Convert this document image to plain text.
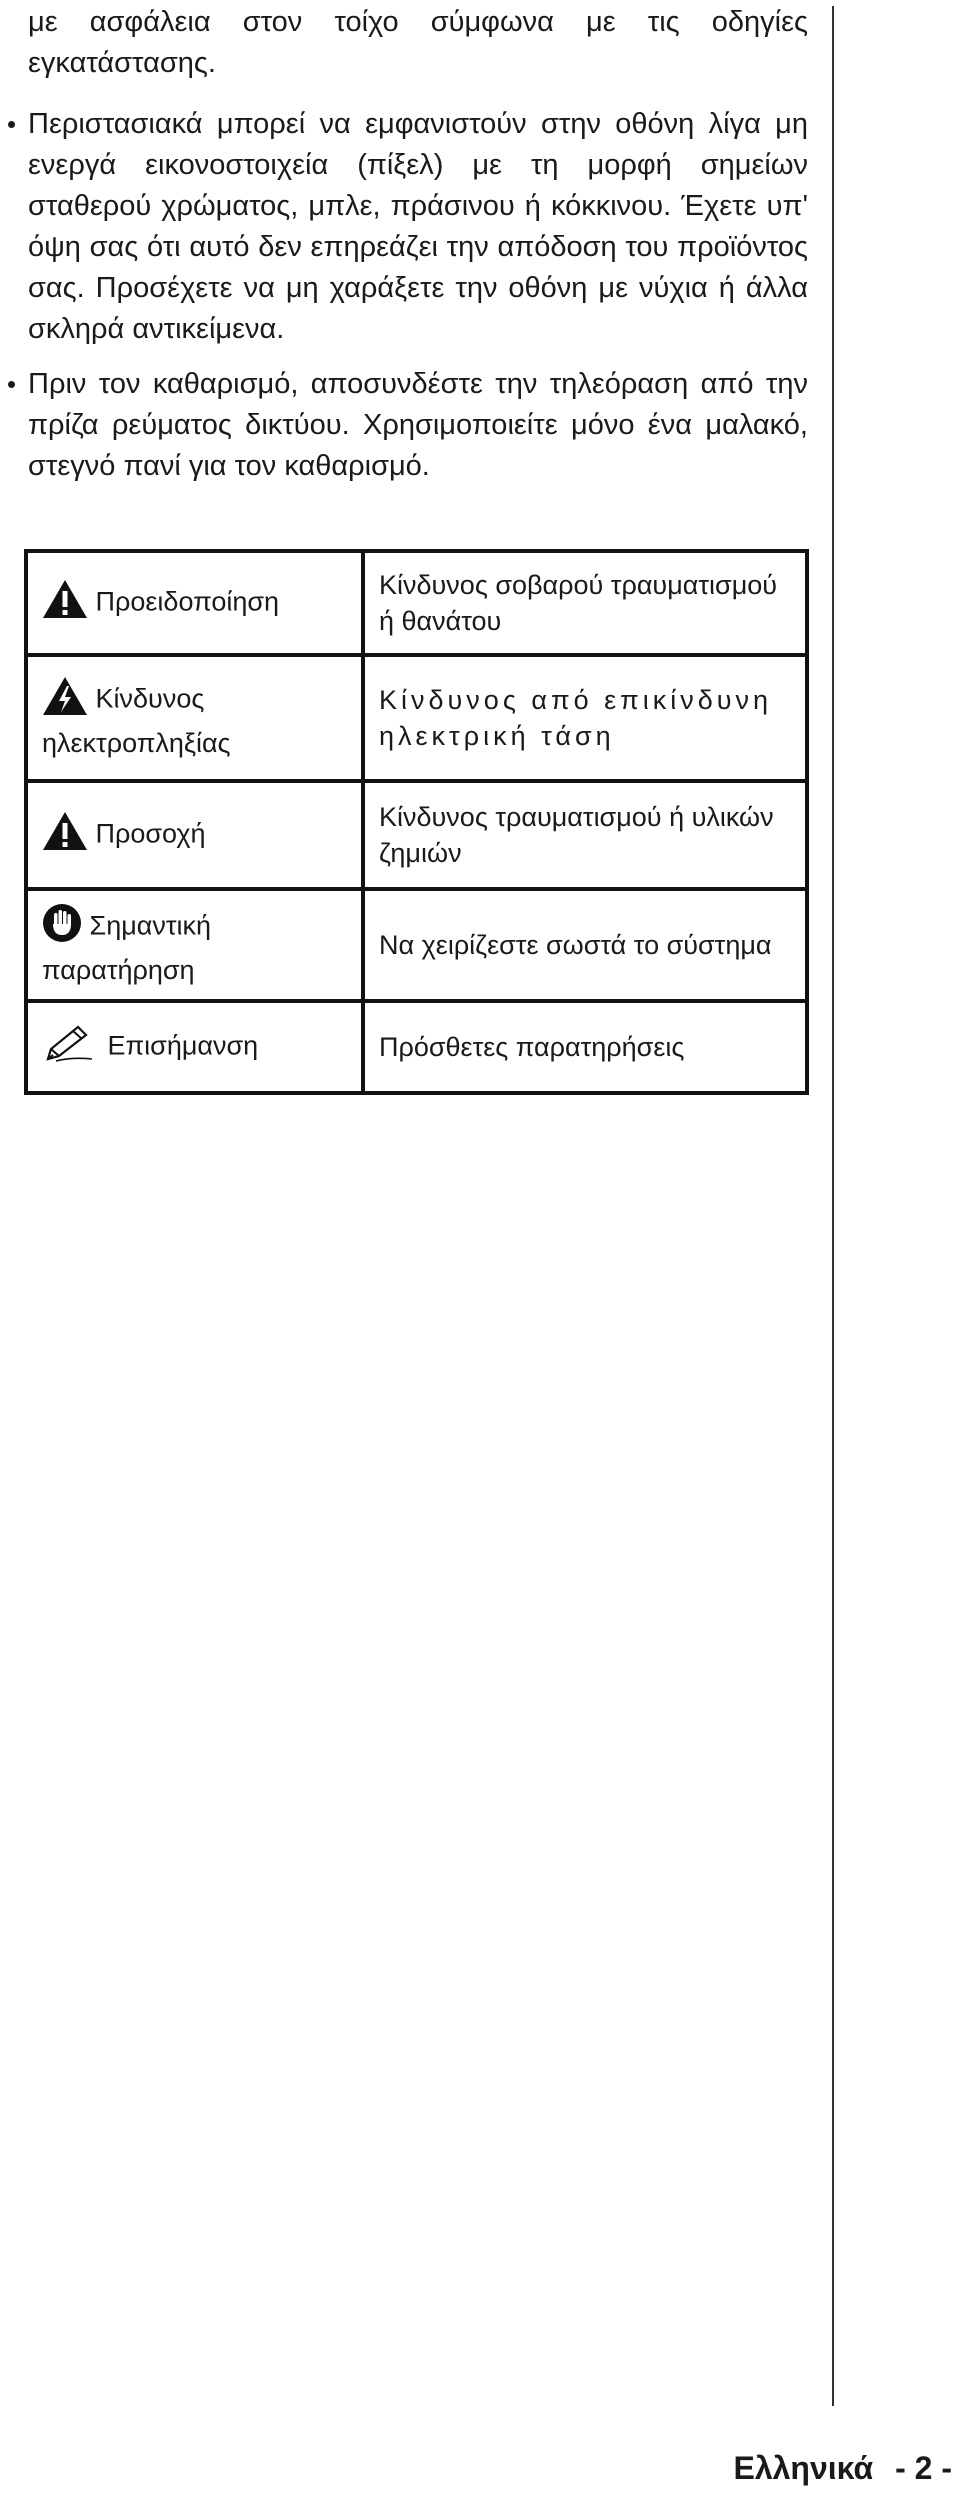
με ασφάλεια στον τοίχο σύμφωνα με τις οδηγίες εγκατάστασης.

Περιστασιακά μπορεί να εμφανιστούν στην οθόνη λίγα μη ενεργά εικονοστοιχεία (πίξελ) με τη μορφή σημείων σταθερού χρώματος, μπλε, πράσινου ή κόκκινου. Έχετε υπ' όψη σας ότι αυτό δεν επηρεάζει την απόδοση του προϊόντος σας. Προσέχετε να μη χαράξετε την οθόνη με νύχια ή άλλα σκληρά αντικείμενα.

Πριν τον καθαρισμό, αποσυνδέστε την τηλεόραση από την πρίζα ρεύματος δικτύου. Χρησιμοποιείτε μόνο ένα μαλακό, στεγνό πανί για τον καθαρισμό.

Προειδοποίηση	Κίνδυνος σοβαρού τραυματισμού ή θανάτου
Κίνδυνος ηλεκτροπληξίας	Κίνδυνος από επικίνδυνη ηλεκτρική τάση
Προσοχή	Κίνδυνος τραυματισμού ή υλικών ζημιών
Σημαντική παρατήρηση	Να χειρίζεστε σωστά το σύστημα
Επισήμανση	Πρόσθετες παρατηρήσεις
Ελληνικά - 2 -
